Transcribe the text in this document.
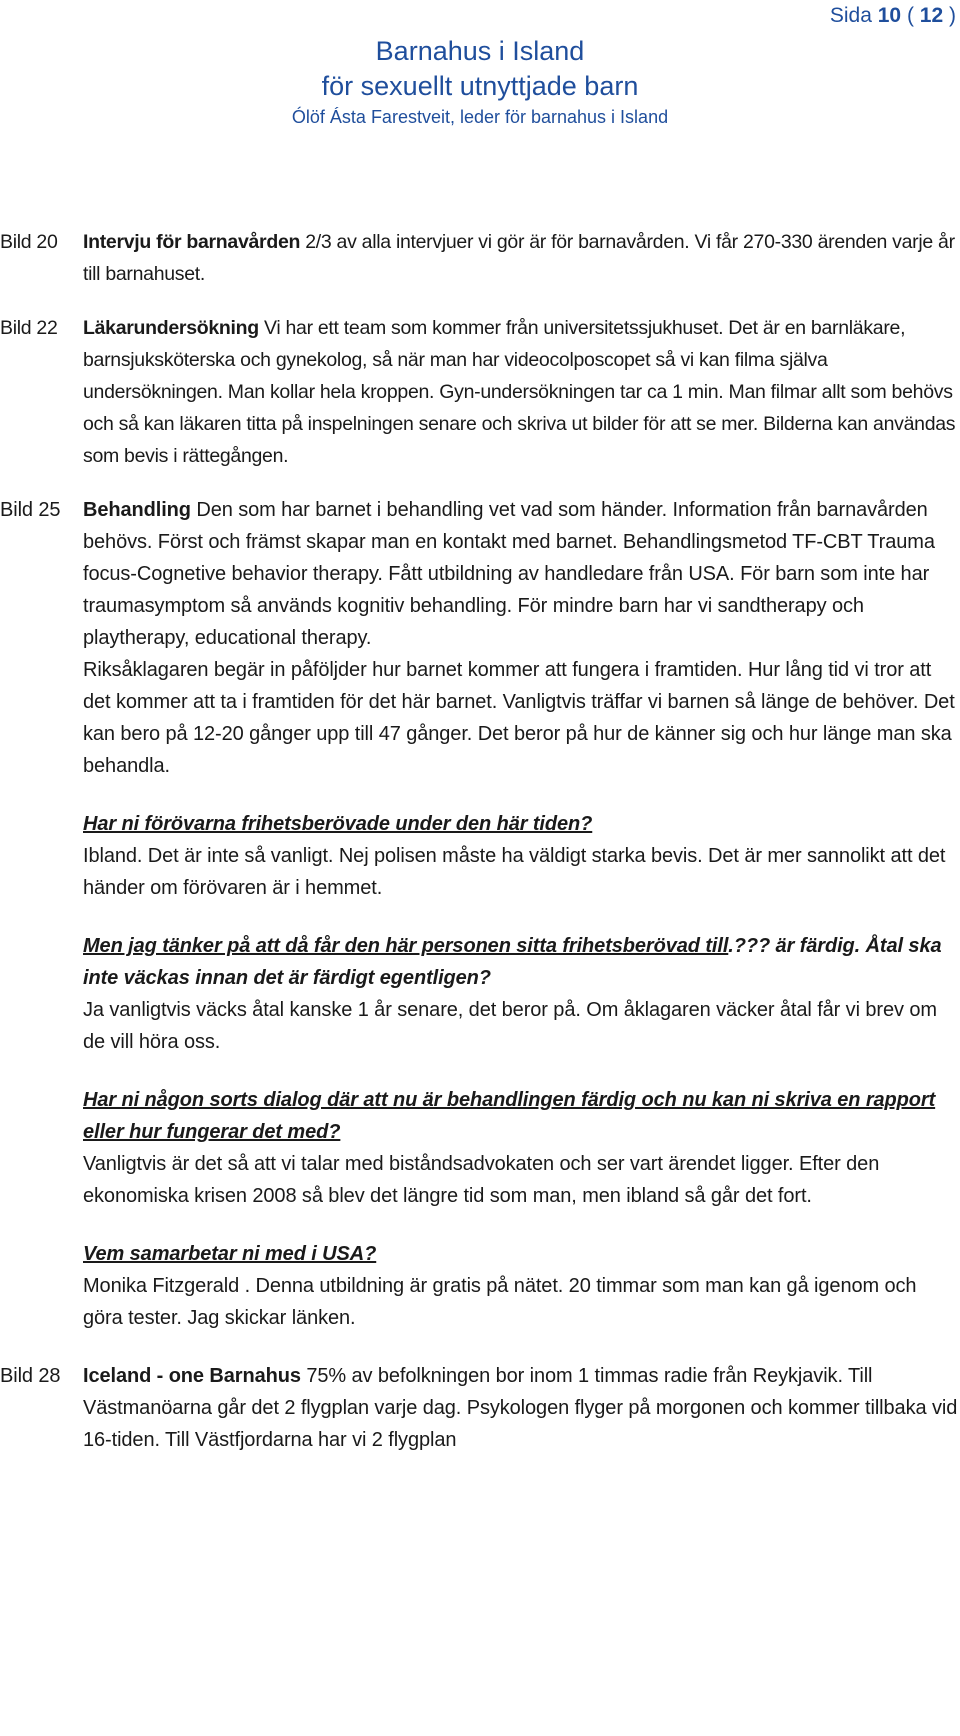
Sida 10 ( 12 )
Barnahus i Island
för sexuellt utnyttjade barn
Ólöf Ásta Farestveit, leder för barnahus i Island
Bild 20	Intervju för barnavården 2/3 av alla intervjuer vi gör är för barnavården. Vi får 270-330 ärenden varje år till barnahuset.
Bild 22	Läkarundersökning Vi har ett team som kommer från universitetssjukhuset. Det är en barnläkare, barnsjuksköterska och gynekolog, så när man har videocolposcopet så vi kan filma själva undersökningen. Man kollar hela kroppen. Gyn-undersökningen tar ca 1 min. Man filmar allt som behövs och så kan läkaren titta på inspelningen senare och skriva ut bilder för att se mer. Bilderna kan användas som bevis i rättegången.
Bild 25	Behandling Den som har barnet i behandling vet vad som händer. Information från barnavården behövs. Först och främst skapar man en kontakt med barnet. Behandlingsmetod TF-CBT Trauma focus-Cognetive behavior therapy. Fått utbildning av handledare från USA. För barn som inte har traumasymptom så används kognitiv behandling. För mindre barn har vi sandtherapy och playtherapy, educational therapy.
Riksåklagaren begär in påföljder hur barnet kommer att fungera i framtiden. Hur lång tid vi tror att det kommer att ta i framtiden för det här barnet. Vanligtvis träffar vi barnen så länge de behöver. Det kan bero på 12-20 gånger upp till 47 gånger. Det beror på hur de känner sig och hur länge man ska behandla.
Har ni förövarna frihetsberövade under den här tiden?
Ibland. Det är inte så vanligt. Nej polisen måste ha väldigt starka bevis. Det är mer sannolikt att det händer om förövaren är i hemmet.
Men jag tänker på att då får den här personen sitta frihetsberövad till.??? är färdig. Åtal ska inte väckas innan det är färdigt egentligen?
Ja vanligtvis väcks åtal kanske 1 år senare, det beror på. Om åklagaren väcker åtal får vi brev om de vill höra oss.
Har ni någon sorts dialog där att nu är behandlingen färdig och nu kan ni skriva en rapport eller hur fungerar det med?
Vanligtvis är det så att vi talar med biståndsadvokaten och ser vart ärendet ligger. Efter den ekonomiska krisen 2008 så blev det längre tid som man, men ibland så går det fort.
Vem samarbetar ni med i USA?
Monika Fitzgerald . Denna utbildning är gratis på nätet. 20 timmar som man kan gå igenom och göra tester. Jag skickar länken.
Bild 28	Iceland - one Barnahus 75% av befolkningen bor inom 1 timmas radie från Reykjavik. Till Västmanöarna går det 2 flygplan varje dag. Psykologen flyger på morgonen och kommer tillbaka vid 16-tiden. Till Västfjordarna har vi 2 flygplan
